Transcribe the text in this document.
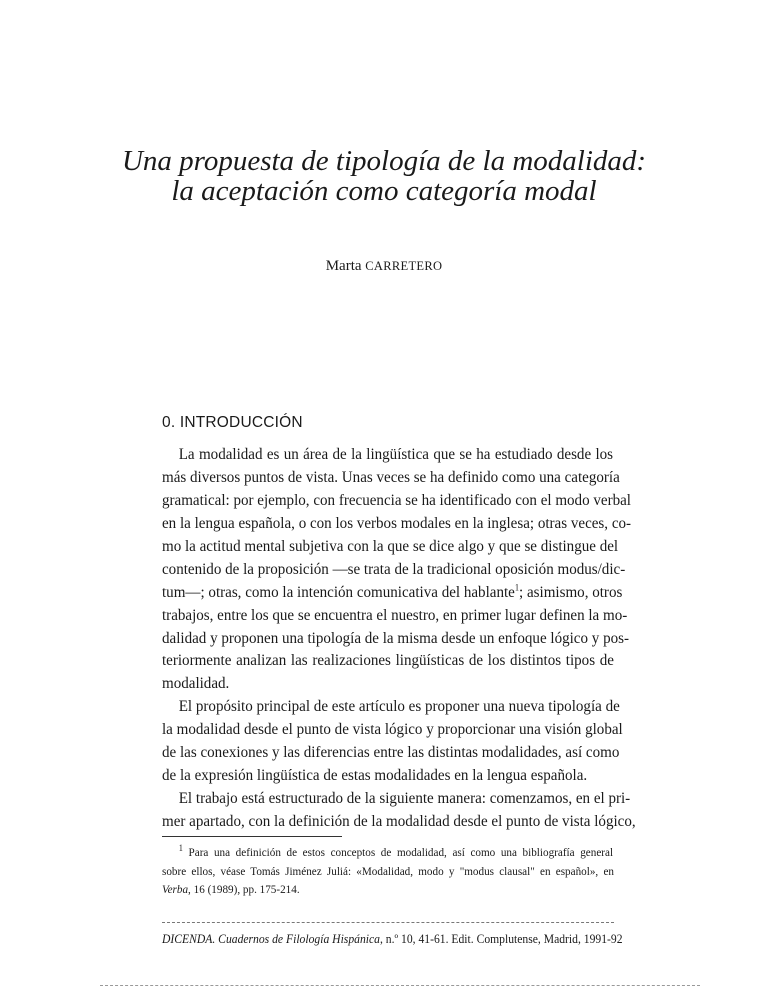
Una propuesta de tipología de la modalidad:
la aceptación como categoría modal
Marta CARRETERO
0. INTRODUCCIÓN
La modalidad es un área de la lingüística que se ha estudiado desde los
más diversos puntos de vista. Unas veces se ha definido como una categoría
gramatical: por ejemplo, con frecuencia se ha identificado con el modo verbal
en la lengua española, o con los verbos modales en la inglesa; otras veces, co-
mo la actitud mental subjetiva con la que se dice algo y que se distingue del
contenido de la proposición —se trata de la tradicional oposición modus/dic-
tum—; otras, como la intención comunicativa del hablante$^1$; asimismo, otros
trabajos, entre los que se encuentra el nuestro, en primer lugar definen la mo-
dalidad y proponen una tipología de la misma desde un enfoque lógico y pos-
teriormente analizan las realizaciones lingüísticas de los distintos tipos de
modalidad.
El propósito principal de este artículo es proponer una nueva tipología de
la modalidad desde el punto de vista lógico y proporcionar una visión global
de las conexiones y las diferencias entre las distintas modalidades, así como
de la expresión lingüística de estas modalidades en la lengua española.
El trabajo está estructurado de la siguiente manera: comenzamos, en el pri-
mer apartado, con la definición de la modalidad desde el punto de vista lógico,
$^1$ Para una definición de estos conceptos de modalidad, así como una bibliografía general
sobre ellos, véase Tomás Jiménez Juliá: «Modalidad, modo y "modus clausal" en español», en
Verba, 16 (1989), pp. 175-214.
DICENDA. Cuadernos de Filología Hispánica, n.º 10, 41-61. Edit. Complutense, Madrid, 1991-92
